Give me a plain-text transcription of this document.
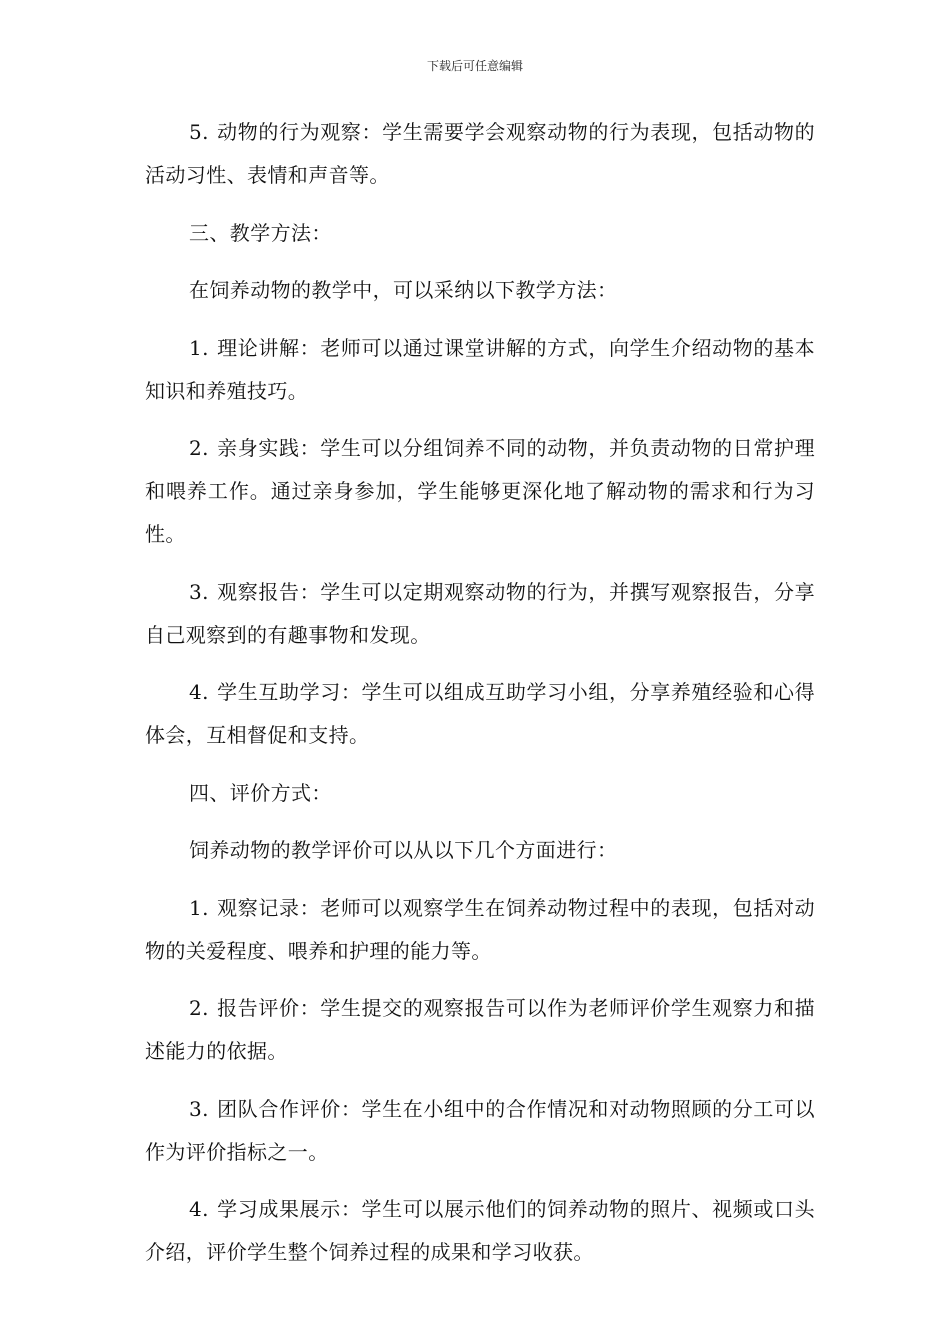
下载后可任意编辑

5. 动物的行为观察：学生需要学会观察动物的行为表现，包括动物的活动习性、表情和声音等。

三、教学方法：

在饲养动物的教学中，可以采纳以下教学方法：

1. 理论讲解：老师可以通过课堂讲解的方式，向学生介绍动物的基本知识和养殖技巧。

2. 亲身实践：学生可以分组饲养不同的动物，并负责动物的日常护理和喂养工作。通过亲身参加，学生能够更深化地了解动物的需求和行为习性。

3. 观察报告：学生可以定期观察动物的行为，并撰写观察报告，分享自己观察到的有趣事物和发现。

4. 学生互助学习：学生可以组成互助学习小组，分享养殖经验和心得体会，互相督促和支持。

四、评价方式：

饲养动物的教学评价可以从以下几个方面进行：

1. 观察记录：老师可以观察学生在饲养动物过程中的表现，包括对动物的关爱程度、喂养和护理的能力等。

2. 报告评价：学生提交的观察报告可以作为老师评价学生观察力和描述能力的依据。

3. 团队合作评价：学生在小组中的合作情况和对动物照顾的分工可以作为评价指标之一。

4. 学习成果展示：学生可以展示他们的饲养动物的照片、视频或口头介绍，评价学生整个饲养过程的成果和学习收获。
